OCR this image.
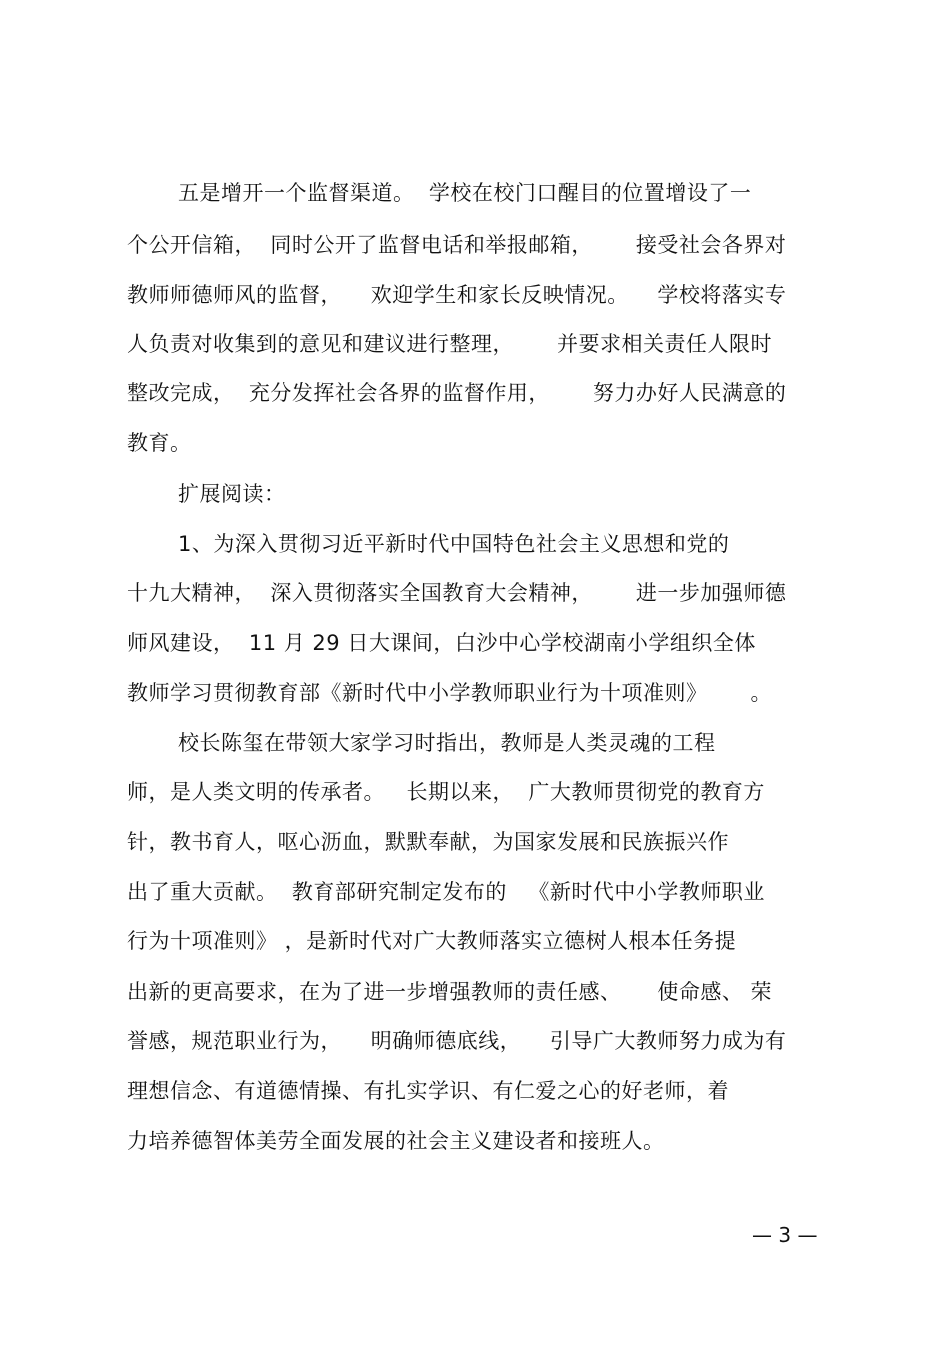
五是增开一个监督渠道。  学校在校门口醒目的位置增设了一
个公开信箱，  同时公开了监督电话和举报邮箱，      接受社会各界对
教师师德师风的监督，    欢迎学生和家长反映情况。    学校将落实专
人负责对收集到的意见和建议进行整理，      并要求相关责任人限时
整改完成，  充分发挥社会各界的监督作用，      努力办好人民满意的
教育。
扩展阅读：
1、为深入贯彻习近平新时代中国特色社会主义思想和党的
十九大精神，  深入贯彻落实全国教育大会精神，      进一步加强师德
师风建设，  11 月 29 日大课间，白沙中心学校湖南小学组织全体
教师学习贯彻教育部《新时代中小学教师职业行为十项准则》      。
校长陈玺在带领大家学习时指出，教师是人类灵魂的工程
师，是人类文明的传承者。   长期以来，  广大教师贯彻党的教育方
针，教书育人，呕心沥血，默默奉献，为国家发展和民族振兴作
出了重大贡献。  教育部研究制定发布的   《新时代中小学教师职业
行为十项准则》 ，是新时代对广大教师落实立德树人根本任务提
出新的更高要求，在为了进一步增强教师的责任感、     使命感、 荣
誉感，规范职业行为，    明确师德底线，    引导广大教师努力成为有
理想信念、有道德情操、有扎实学识、有仁爱之心的好老师，着
力培养德智体美劳全面发展的社会主义建设者和接班人。
— 3 —
